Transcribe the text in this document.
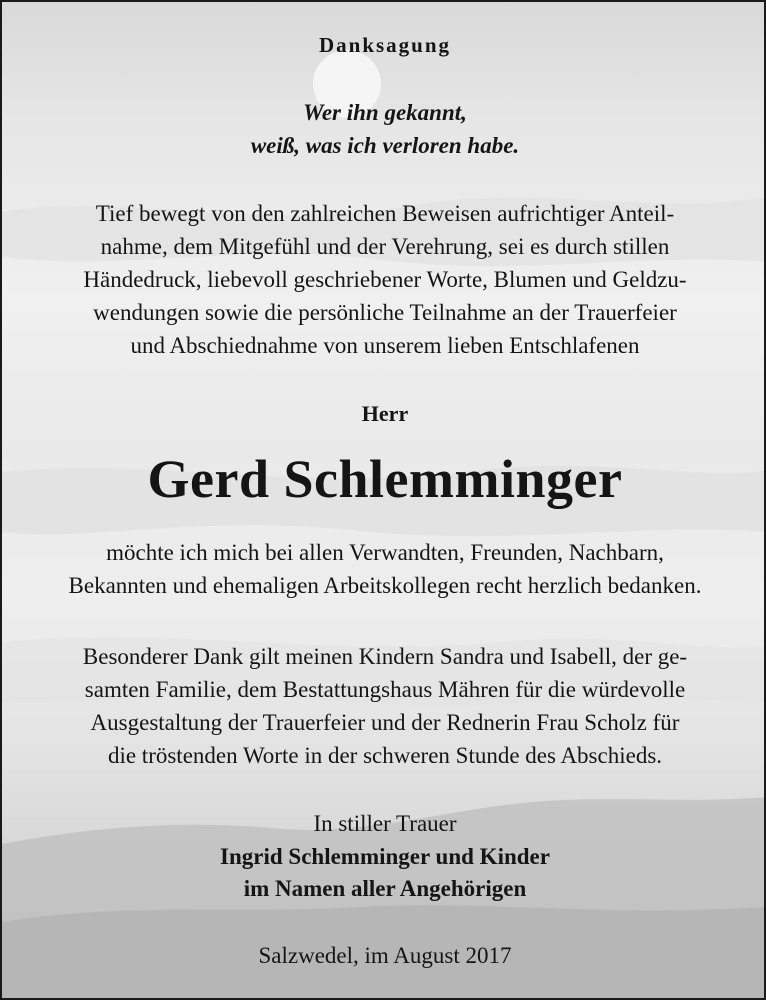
Danksagung
Wer ihn gekannt,
weiß, was ich verloren habe.
Tief bewegt von den zahlreichen Beweisen aufrichtiger Anteil-
nahme, dem Mitgefühl und der Verehrung, sei es durch stillen
Händedruck, liebevoll geschriebener Worte, Blumen und Geldzu-
wendungen sowie die persönliche Teilnahme an der Trauerfeier
und Abschiednahme von unserem lieben Entschlafenen
Herr
Gerd Schlemminger
möchte ich mich bei allen Verwandten, Freunden, Nachbarn,
Bekannten und ehemaligen Arbeitskollegen recht herzlich bedanken.
Besonderer Dank gilt meinen Kindern Sandra und Isabell, der ge-
samten Familie, dem Bestattungshaus Mähren für die würdevolle
Ausgestaltung der Trauerfeier und der Rednerin Frau Scholz für
die tröstenden Worte in der schweren Stunde des Abschieds.
In stiller Trauer
Ingrid Schlemminger und Kinder
im Namen aller Angehörigen
Salzwedel, im August 2017
